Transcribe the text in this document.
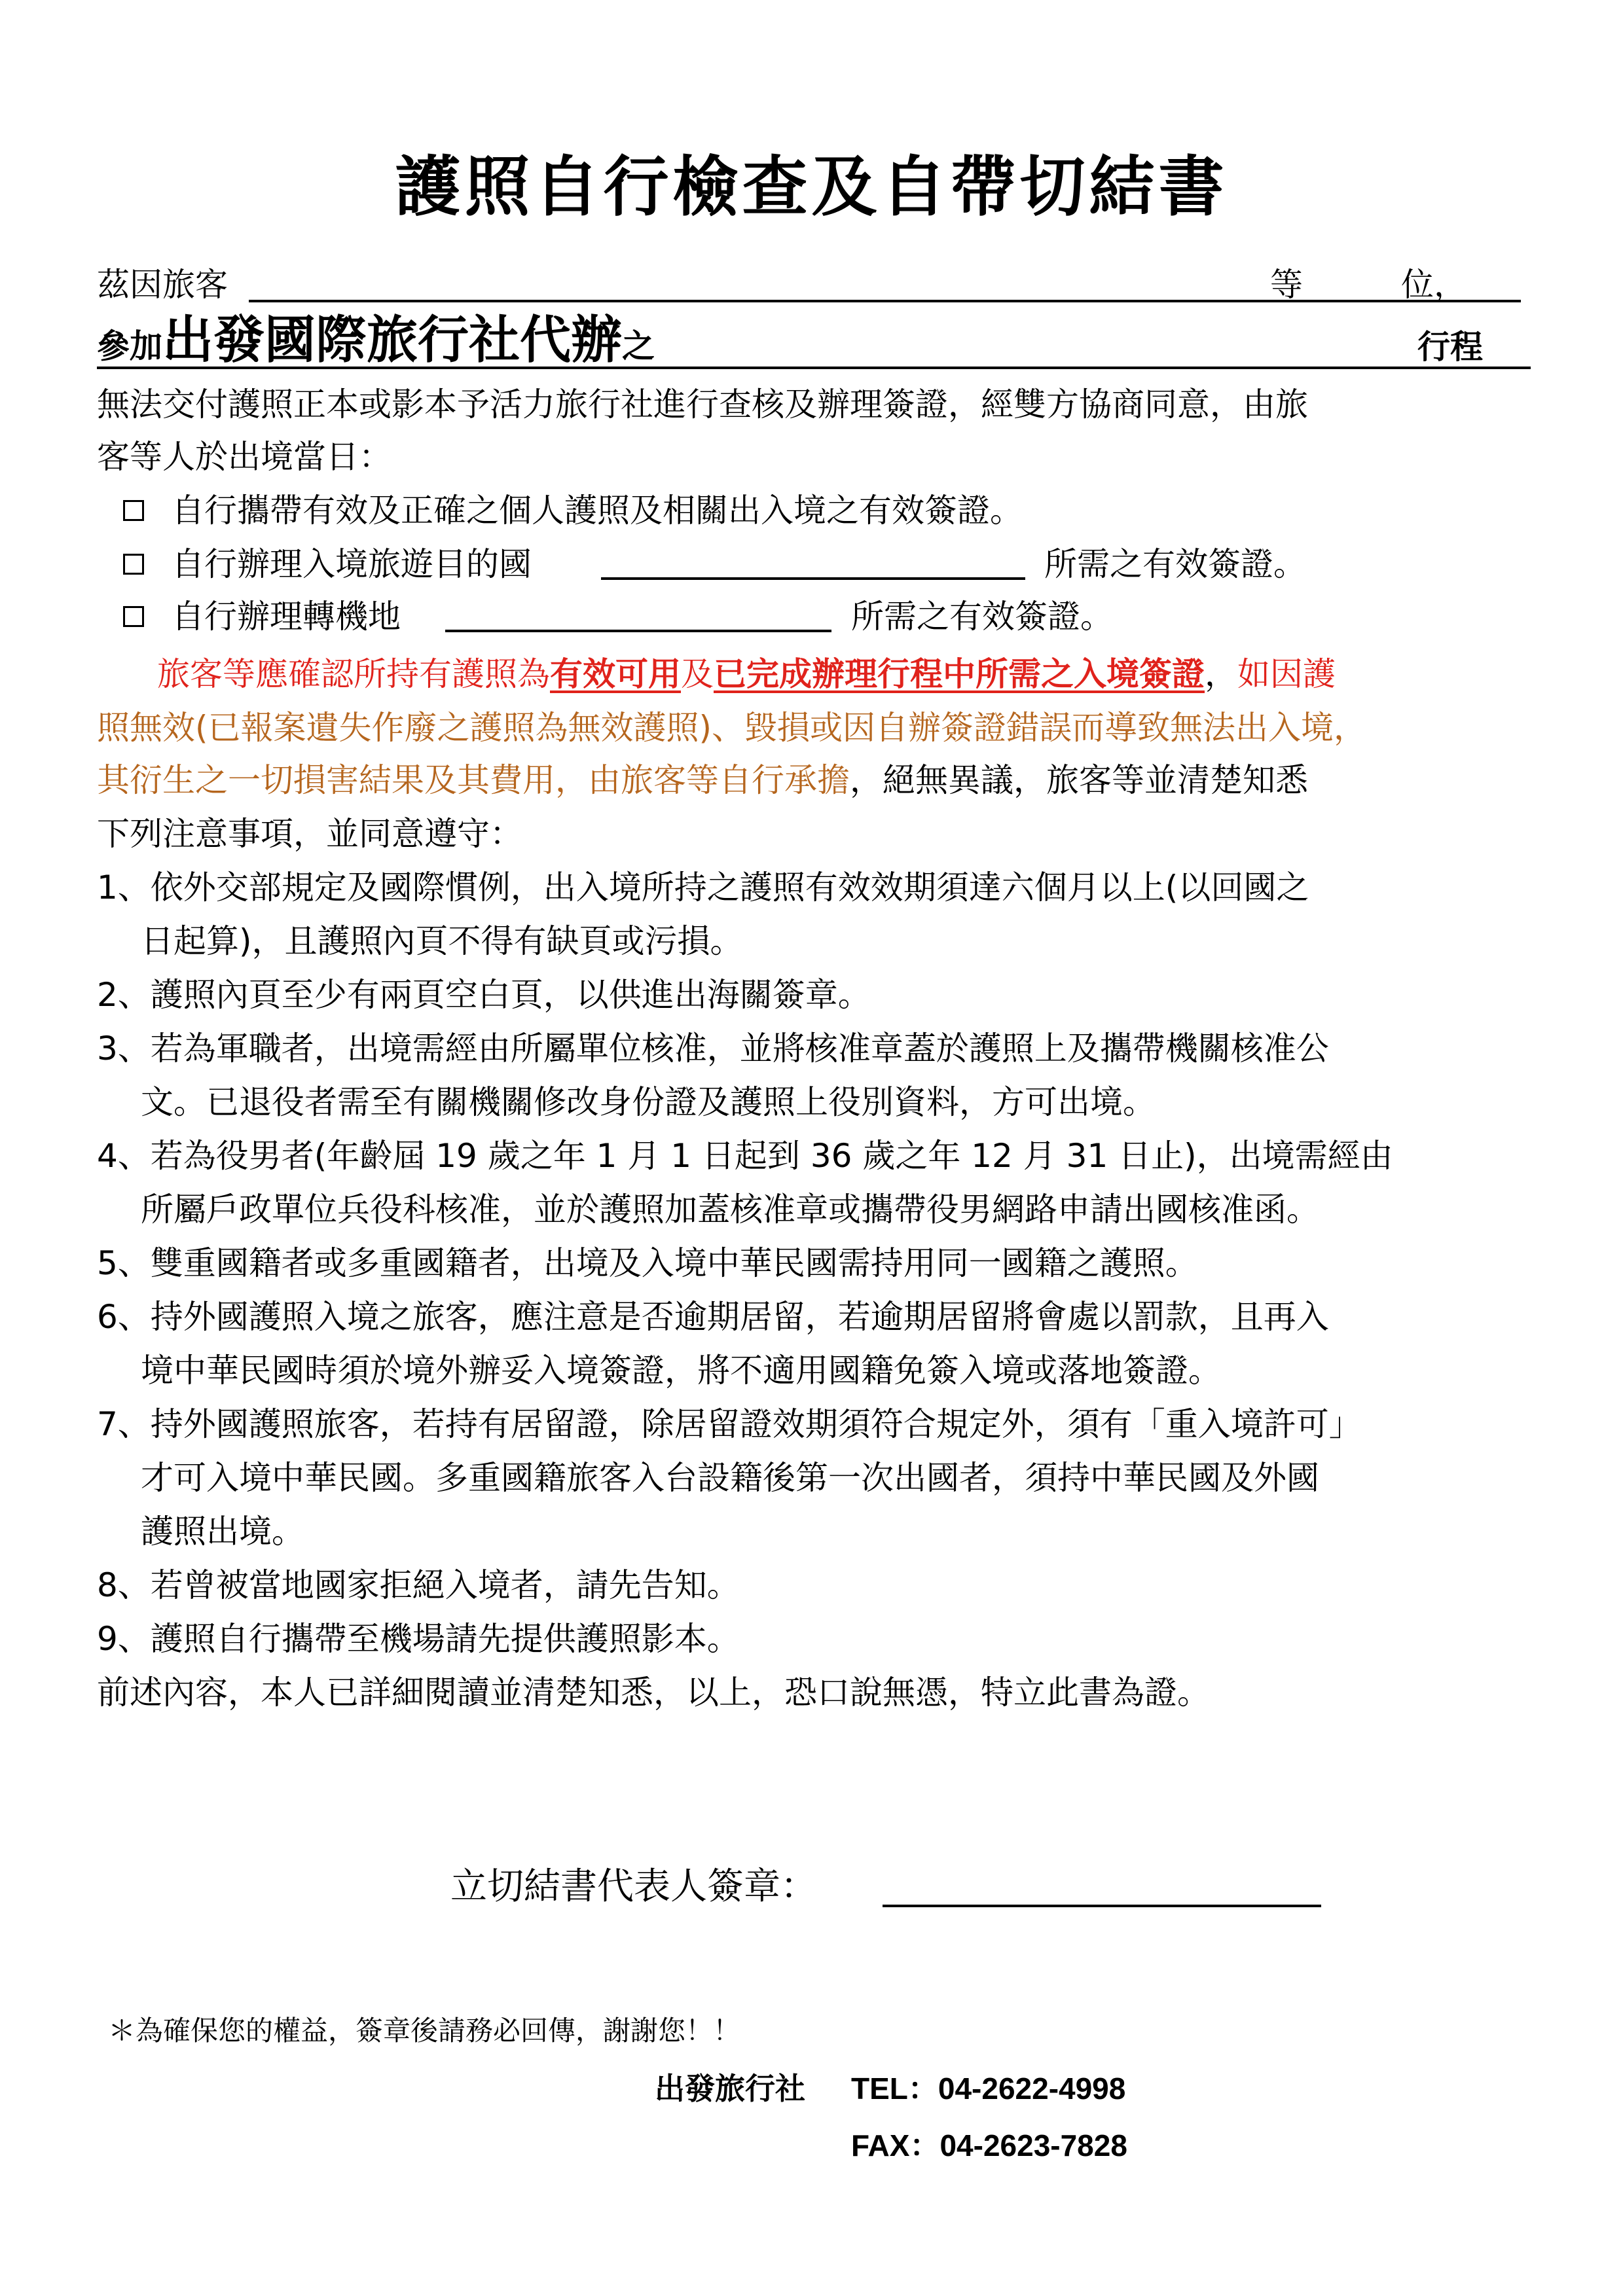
護照自行檢查及自帶切結書
茲因旅客	等	位，
參加出發國際旅行社代辦之	行程
無法交付護照正本或影本予活力旅行社進行查核及辦理簽證，經雙方協商同意，由旅
客等人於出境當日：
自行攜帶有效及正確之個人護照及相關出入境之有效簽證。
自行辦理入境旅遊目的國	所需之有效簽證。
自行辦理轉機地	所需之有效簽證。
旅客等應確認所持有護照為有效可用及已完成辦理行程中所需之入境簽證，如因護
照無效(已報案遺失作廢之護照為無效護照)、毀損或因自辦簽證錯誤而導致無法出入境，
其衍生之一切損害結果及其費用，由旅客等自行承擔，絕無異議，旅客等並清楚知悉
下列注意事項，並同意遵守：
1、依外交部規定及國際慣例，出入境所持之護照有效效期須達六個月以上(以回國之
日起算)，且護照內頁不得有缺頁或污損。
2、護照內頁至少有兩頁空白頁，以供進出海關簽章。
3、若為軍職者，出境需經由所屬單位核准，並將核准章蓋於護照上及攜帶機關核准公
文。已退役者需至有關機關修改身份證及護照上役別資料，方可出境。
4、若為役男者(年齡屆 19 歲之年 1 月 1 日起到 36 歲之年 12 月 31 日止)，出境需經由
所屬戶政單位兵役科核准，並於護照加蓋核准章或攜帶役男網路申請出國核准函。
5、雙重國籍者或多重國籍者，出境及入境中華民國需持用同一國籍之護照。
6、持外國護照入境之旅客，應注意是否逾期居留，若逾期居留將會處以罰款，且再入
境中華民國時須於境外辦妥入境簽證，將不適用國籍免簽入境或落地簽證。
7、持外國護照旅客，若持有居留證，除居留證效期須符合規定外，須有「重入境許可」
才可入境中華民國。多重國籍旅客入台設籍後第一次出國者，須持中華民國及外國
護照出境。
8、若曾被當地國家拒絕入境者，請先告知。
9、護照自行攜帶至機場請先提供護照影本。
前述內容，本人已詳細閱讀並清楚知悉，以上，恐口說無憑，特立此書為證。
立切結書代表人簽章：
＊為確保您的權益，簽章後請務必回傳，謝謝您！！
出發旅行社 TEL：04-2622-4998
FAX：04-2623-7828
